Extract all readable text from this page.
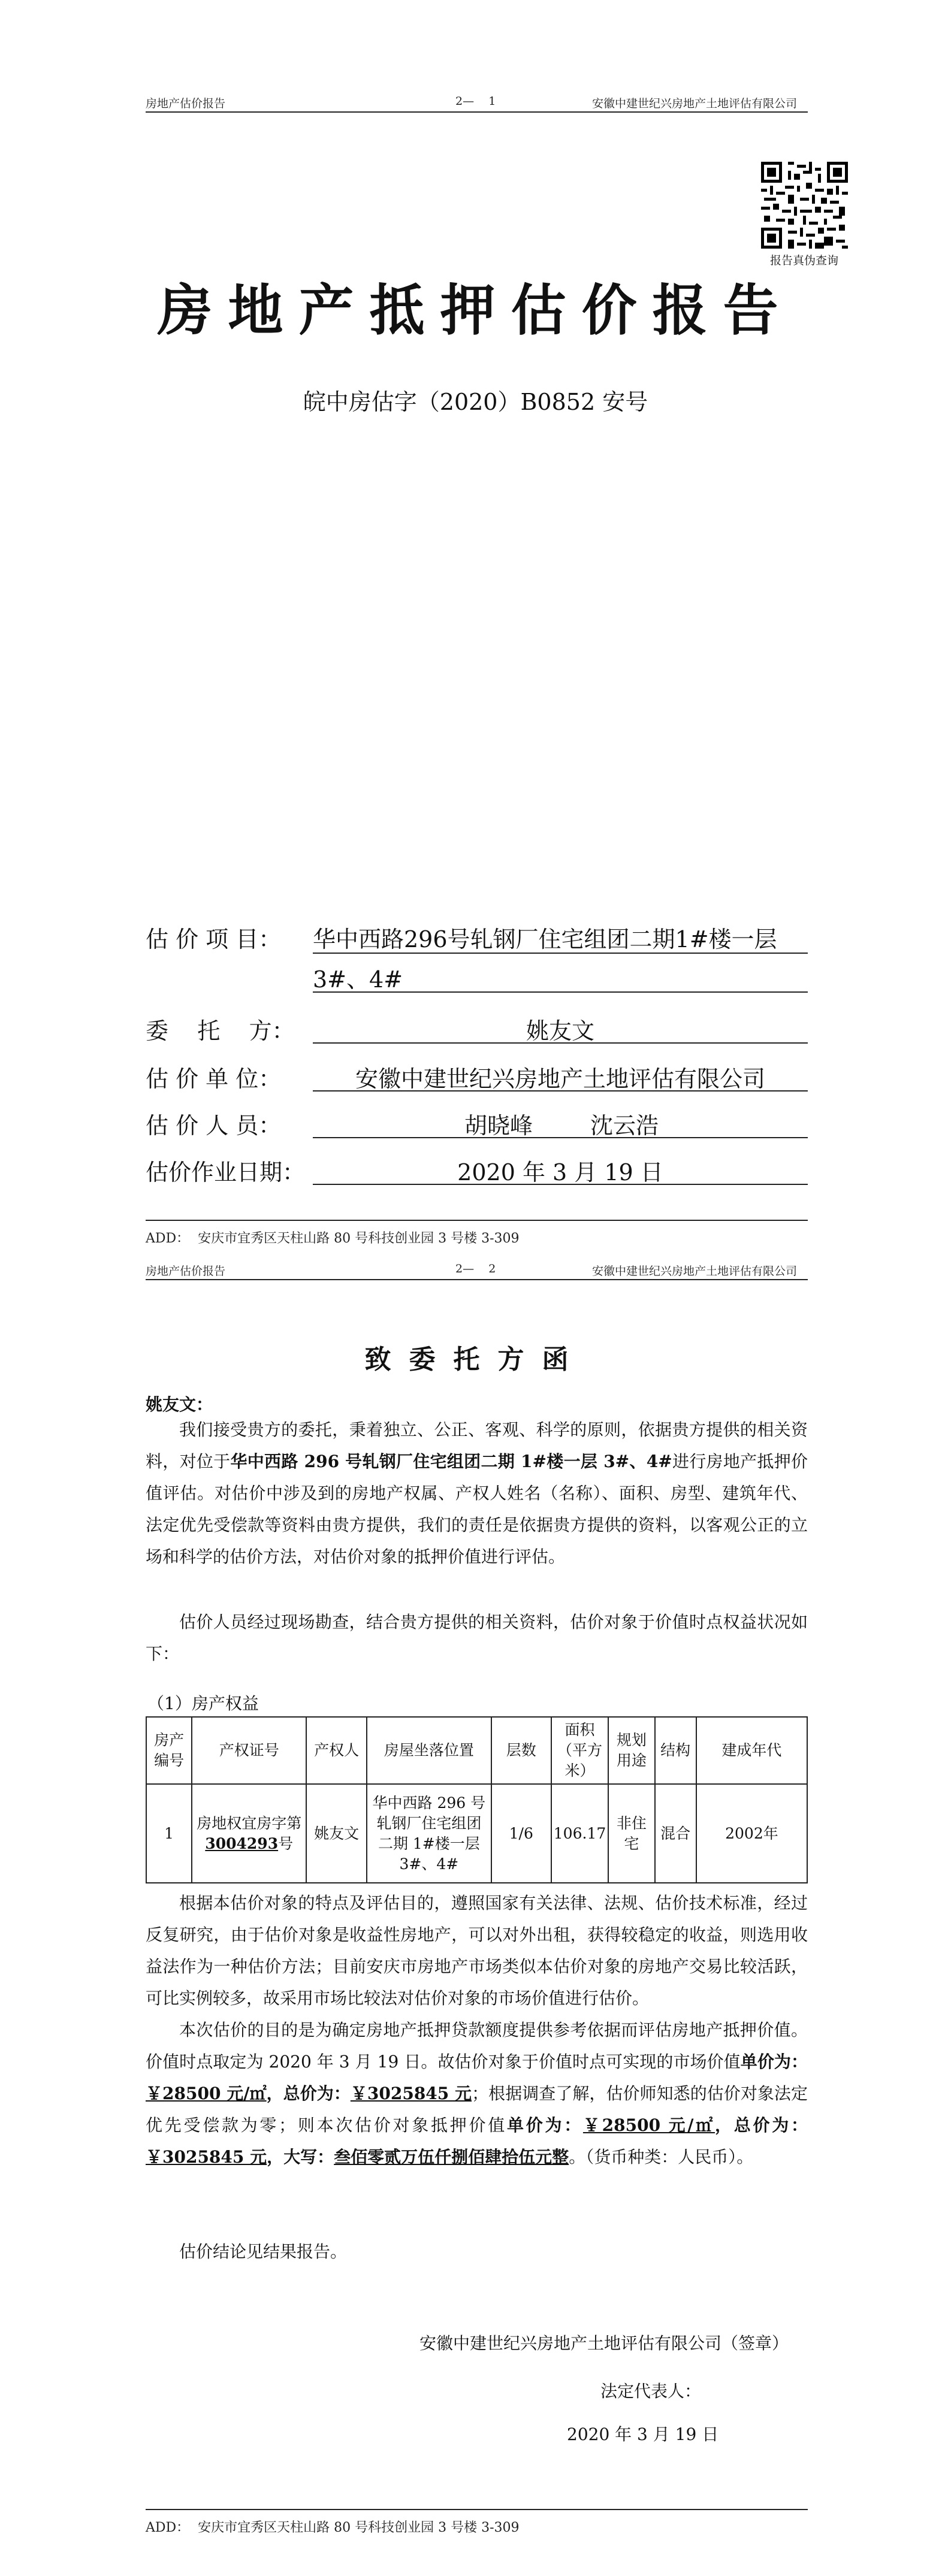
房地产估价报告	2—    1	安徽中建世纪兴房地产土地评估有限公司
报告真伪查询
房地产抵押估价报告
皖中房估字（2020）B0852 安号
估 价 项 目： 华中西路296号轧钢厂住宅组团二期1#楼一层
3#、4#
委    托    方：	姚友文
估 价 单 位：	安徽中建世纪兴房地产土地评估有限公司
估 价 人 员：	胡晓峰	沈云浩
估价作业日期：	2020 年 3 月 19 日
ADD：  安庆市宜秀区天柱山路 80 号科技创业园 3 号楼 3-309
房地产估价报告	2—    2	安徽中建世纪兴房地产土地评估有限公司
致委托方函
姚友文：
我们接受贵方的委托，秉着独立、公正、客观、科学的原则，依据贵方提供的相关资料，对位于华中西路 296 号轧钢厂住宅组团二期 1#楼一层 3#、4#进行房地产抵押价值评估。对估价中涉及到的房地产权属、产权人姓名（名称）、面积、房型、建筑年代、法定优先受偿款等资料由贵方提供，我们的责任是依据贵方提供的资料，以客观公正的立场和科学的估价方法，对估价对象的抵押价值进行评估。
估价人员经过现场勘查，结合贵方提供的相关资料，估价对象于价值时点权益状况如下：
（1）房产权益
房产编号	产权证号	产权人	房屋坐落位置	层数	面积（平方米）	规划用途	结构	建成年代
1	房地权宜房字第3004293号	姚友文	华中西路 296 号轧钢厂住宅组团二期 1#楼一层 3#、4#	1/6	106.17	非住宅	混合	2002年
根据本估价对象的特点及评估目的，遵照国家有关法律、法规、估价技术标准，经过反复研究，由于估价对象是收益性房地产，可以对外出租，获得较稳定的收益，则选用收益法作为一种估价方法；目前安庆市房地产市场类似本估价对象的房地产交易比较活跃，可比实例较多，故采用市场比较法对估价对象的市场价值进行估价。
本次估价的目的是为确定房地产抵押贷款额度提供参考依据而评估房地产抵押价值。价值时点取定为 2020 年 3 月 19 日。故估价对象于价值时点可实现的市场价值单价为：￥28500 元/㎡，总价为：￥3025845 元；根据调查了解，估价师知悉的估价对象法定优先受偿款为零；则本次估价对象抵押价值单价为：￥28500 元/㎡，总价为：￥3025845 元，大写：叁佰零贰万伍仟捌佰肆拾伍元整。（货币种类：人民币）。
估价结论见结果报告。
安徽中建世纪兴房地产土地评估有限公司（签章）
法定代表人：
2020 年 3 月 19 日
ADD：  安庆市宜秀区天柱山路 80 号科技创业园 3 号楼 3-309
